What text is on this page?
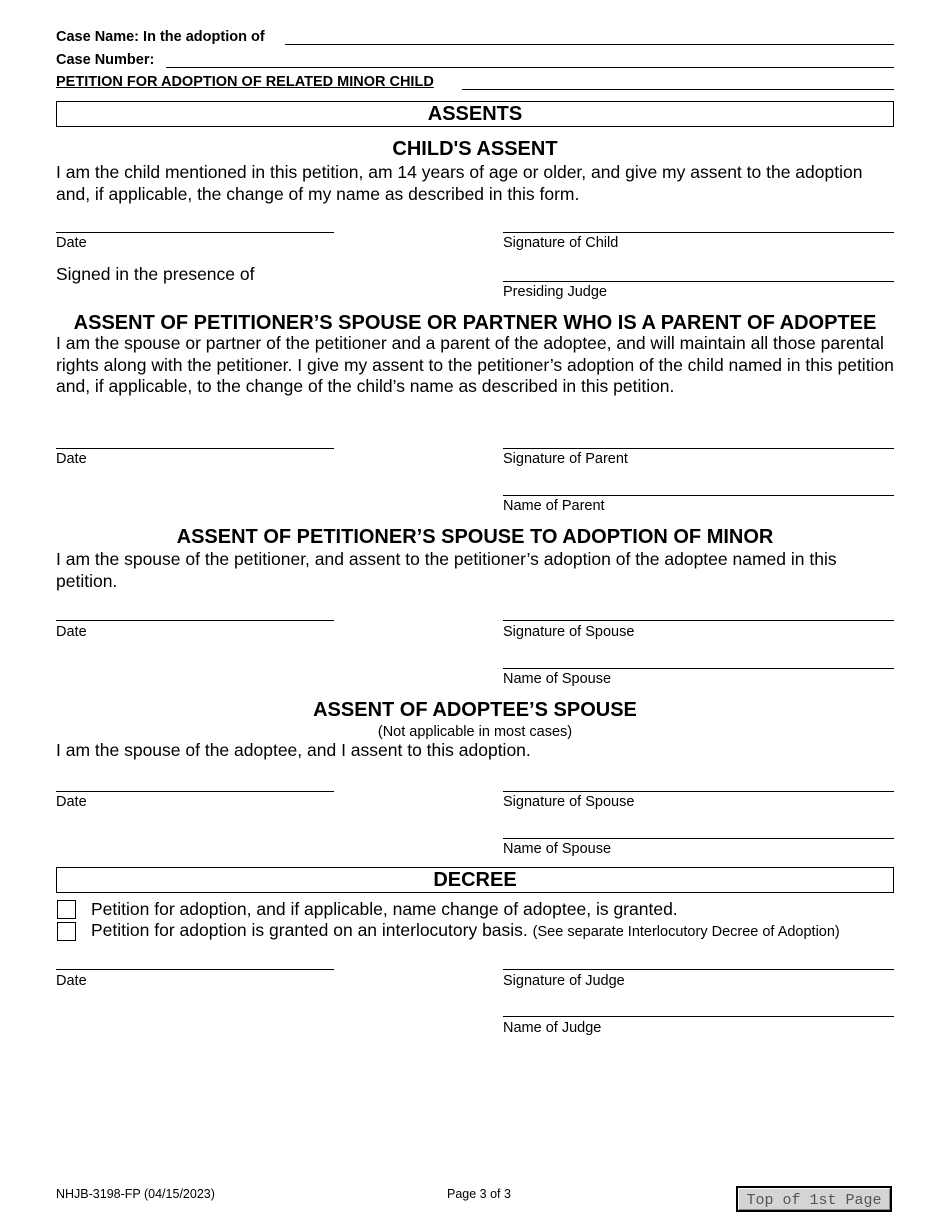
Case Name: In the adoption of
Case Number:
PETITION FOR ADOPTION OF RELATED MINOR CHILD
ASSENTS
CHILD'S ASSENT
I am the child mentioned in this petition, am 14 years of age or older, and give my assent to the adoption and, if applicable, the change of my name as described in this form.
Date	Signature of Child
Signed in the presence of
Presiding Judge
ASSENT OF PETITIONER’S SPOUSE OR PARTNER WHO IS A PARENT OF ADOPTEE
I am the spouse or partner of the petitioner and a parent of the adoptee, and will maintain all those parental rights along with the petitioner. I give my assent to the petitioner’s adoption of the child named in this petition and, if applicable, to the change of the child’s name as described in this petition.
Date	Signature of Parent
Name of Parent
ASSENT OF PETITIONER’S SPOUSE TO ADOPTION OF MINOR
I am the spouse of the petitioner, and assent to the petitioner’s adoption of the adoptee named in this petition.
Date	Signature of Spouse
Name of Spouse
ASSENT OF ADOPTEE’S SPOUSE
(Not applicable in most cases)
I am the spouse of the adoptee, and I assent to this adoption.
Date	Signature of Spouse
Name of Spouse
DECREE
Petition for adoption, and if applicable, name change of adoptee, is granted.
Petition for adoption is granted on an interlocutory basis. (See separate Interlocutory Decree of Adoption)
Date	Signature of Judge
Name of Judge
NHJB-3198-FP (04/15/2023)	Page 3 of 3	Top of 1st Page
